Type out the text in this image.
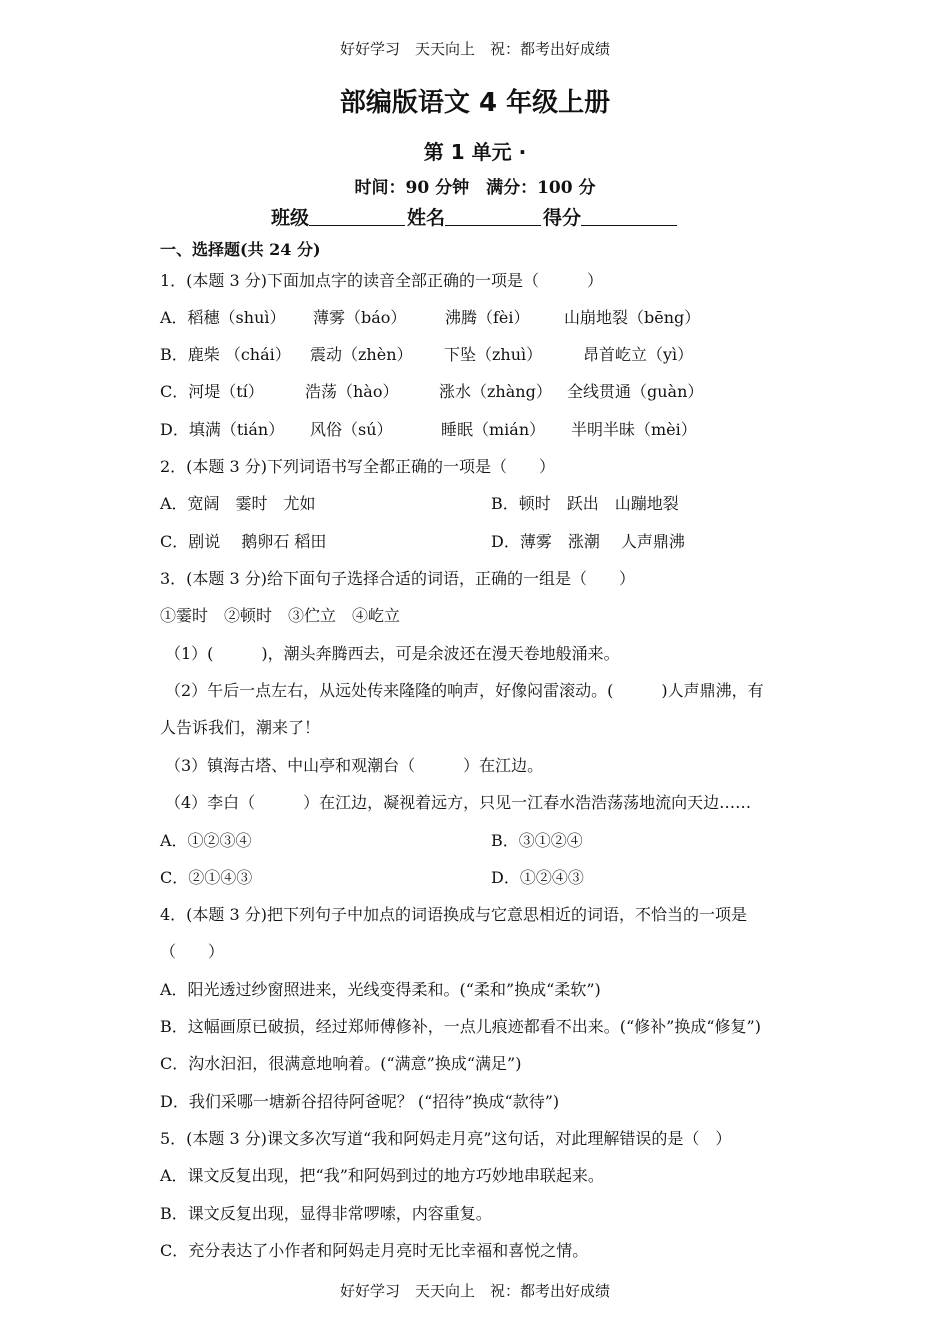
好好学习　天天向上　祝：都考出好成绩
部编版语文 4 年级上册
第 1 单元 ·
时间：90 分钟　满分：100 分
班级	姓名	得分
一、选择题(共 24 分)
1．(本题 3 分)下面加点字的读音全部正确的一项是（　　　）
A．稻穗（shuì） 薄雾（báo） 沸腾（fèi） 山崩地裂（bēng）
B．鹿柴 （chái） 震动（zhèn） 下坠（zhuì）	昂首屹立（yì）
C．河堤（tí）	浩荡（hào）	涨水（zhàng） 全线贯通（guàn）
D．填满（tián） 风俗（sú）	睡眠（mián） 半明半昧（mèi）
2．(本题 3 分)下列词语书写全都正确的一项是（　　）
A．宽阔　霎时　尤如	B．顿时　跃出　山蹦地裂
C．剧说　 鹅卵石 稻田	D．薄雾　涨潮　 人声鼎沸
3．(本题 3 分)给下面句子选择合适的词语，正确的一组是（　　）
①霎时　②顿时　③伫立　④屹立
（1）(　　　)，潮头奔腾西去，可是余波还在漫天卷地般涌来。
（2）午后一点左右，从远处传来隆隆的响声，好像闷雷滚动。(　　　)人声鼎沸，有
人告诉我们，潮来了！
（3）镇海古塔、中山亭和观潮台（　　　）在江边。
（4）李白（　　　）在江边，凝视着远方，只见一江春水浩浩荡荡地流向天边……
A．①②③④	B．③①②④
C．②①④③	D．①②④③
4．(本题 3 分)把下列句子中加点的词语换成与它意思相近的词语，不恰当的一项是
（　　）
A．阳光透过纱窗照进来，光线变得柔和。(“柔和”换成“柔软”)
B．这幅画原已破损，经过郑师傅修补，一点儿痕迹都看不出来。(“修补”换成“修复”)
C．沟水汩汩，很满意地响着。(“满意”换成“满足”)
D．我们采哪一塘新谷招待阿爸呢？ (“招待”换成“款待”)
5．(本题 3 分)课文多次写道“我和阿妈走月亮”这句话，对此理解错误的是（　）
A．课文反复出现，把“我”和阿妈到过的地方巧妙地串联起来。
B．课文反复出现，显得非常啰嗦，内容重复。
C．充分表达了小作者和阿妈走月亮时无比幸福和喜悦之情。
好好学习　天天向上　祝：都考出好成绩
